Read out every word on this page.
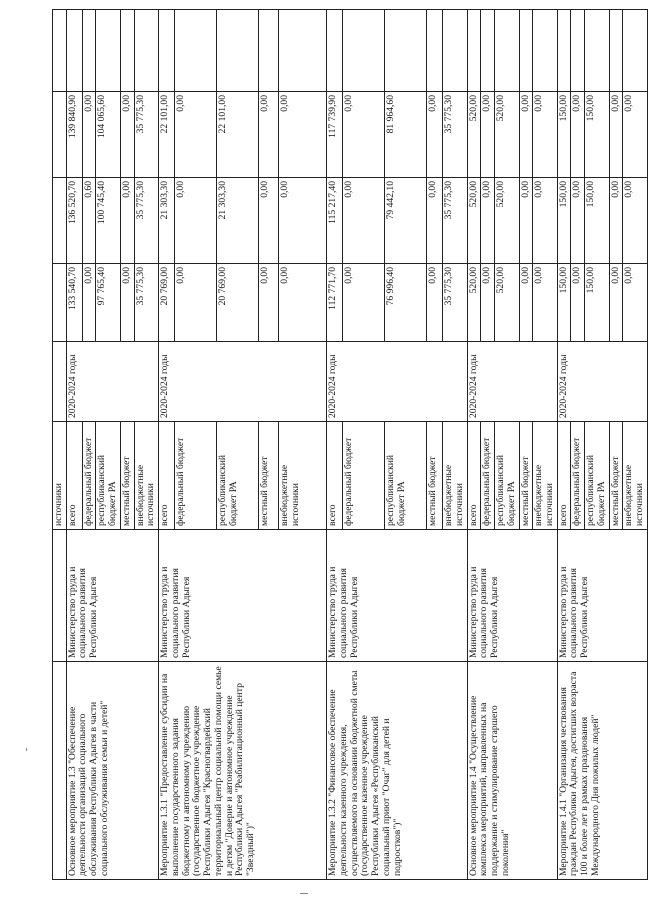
		источники					
Основное мероприятие 1.3 "Обеспечение деятельности организаций социального обслуживания Республики Адыгея в части социального обслуживания семьи и детей"	Министерство труда и социального развития Республики Адыгея	всего	2020-2024 годы	133 540,70	136 520,70	139 840,90	
		федеральный бюджет		0,00	0,60	0,00	
		республиканский бюджет РА		97 765,40	100 745,40	104 065,60	
		местный бюджет		0,00	0,00	0,00	
		внебюджетные источники		35 775,30	35 775,30	35 775,30	
Мероприятие 1.3.1 "Предоставление субсидии на выполнение государственного задания бюджетному и автономному учреждению (государственное бюджетное учреждение Республики Адыгея "Красногвардейский территориальный центр социальной помощи семье и детям "Доверие и автономное учреждение Республики Адыгея "Реабилитационный центр "Звездный")"	Министерство труда и социального развития Республики Адыгея	всего	2020-2024 годы	20 769,00	21 303,30	22 101,00	
		федеральный бюджет		0,00	0,00	0,00	
		республиканский бюджет РА		20 769,00	21 303,30	22 101,00	
		местный бюджет		0,00	0,00	0,00	
		внебюджетные источники		0,00	0,00	0,00	
Мероприятие 1.3.2 "Финансовое обеспечение деятельности казенного учреждения, осуществляемого на основании бюджетной сметы (государственное казенное учреждение Республики Адыгея «Республиканский социальный приют "Очаг" для детей и подростков")"	Министерство труда и социального развития Республики Адыгея	всего	2020-2024 годы	112 771,70	115 217,40	117 739,90	
		федеральный бюджет		0,00	0,00	0,00	
		республиканский бюджет РА		76 996,40	79 442,10	81 964,60	
		местный бюджет		0,00	0,00	0,00	
		внебюджетные источники		35 775,30	35 775,30	35 775,30	
Основное мероприятие 1.4 "Осуществление комплекса мероприятий, направленных на поддержание и стимулирование старшего поколения"	Министерство труда и социального развития Республики Адыгея	всего	2020-2024 годы	520,00	520,00	520,00	
		федеральный бюджет		0,00	0,00	0,00	
		республиканский бюджет РА		520,00	520,00	520,00	
		местный бюджет		0,00	0,00	0,00	
		внебюджетные источники		0,00	0,00	0,00	
Мероприятие 1.4.1 "Организация чествования граждан Республики Адыгея, достигших возраста 100 и более лет в рамках празднования Международного Дня пожилых людей"	Министерство труда и социального развития Республики Адыгея	всего	2020-2024 годы	150,00	150,00	150,00	
		федеральный бюджет		0,00	0,00	0,00	
		республиканский бюджет РА		150,00	150,00	150,00	
		местный бюджет		0,00	0,00	0,00	
		внебюджетные источники		0,00	0,00	0,00	
